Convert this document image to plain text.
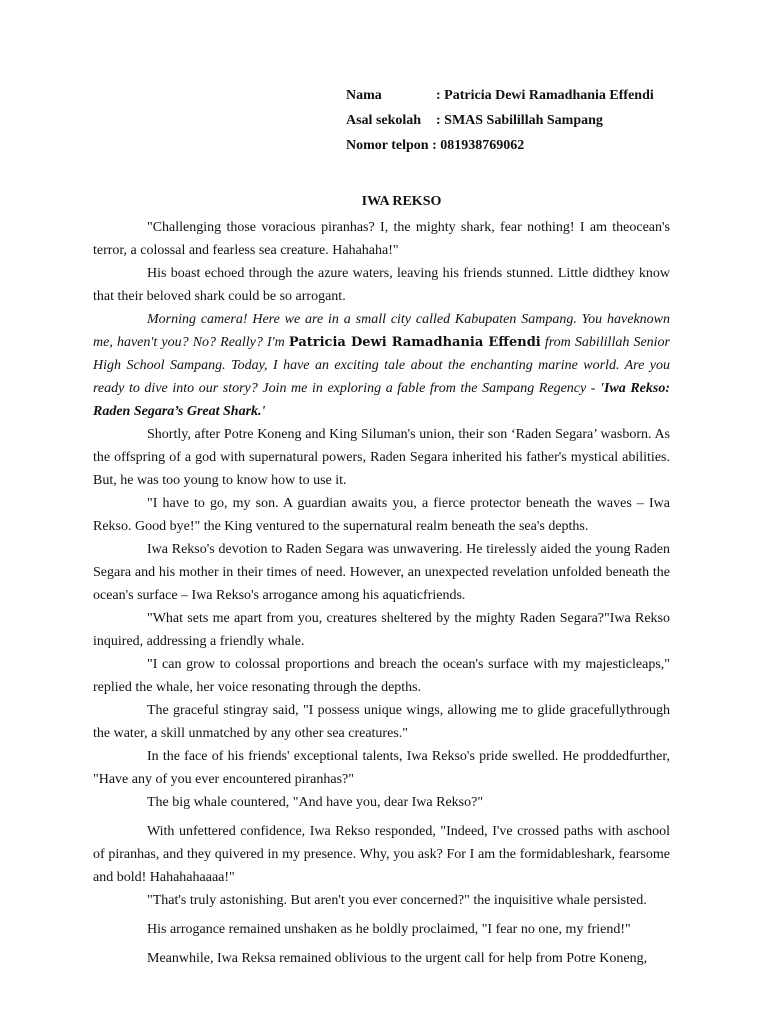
Nama	: Patricia Dewi Ramadhania Effendi
Asal sekolah : SMAS Sabilillah Sampang
Nomor telpon : 081938769062
IWA REKSO

"Challenging those voracious piranhas? I, the mighty shark, fear nothing! I am theocean's terror, a colossal and fearless sea creature. Hahahaha!"

His boast echoed through the azure waters, leaving his friends stunned. Little didthey know that their beloved shark could be so arrogant.

Morning camera! Here we are in a small city called Kabupaten Sampang. You haveknown me, haven't you? No? Really? I'm Patricia Dewi Ramadhania Effendi from Sabilillah Senior High School Sampang. Today, I have an exciting tale about the enchanting marine world. Are you ready to dive into our story? Join me in exploring a fable from the Sampang Regency - 'Iwa Rekso: Raden Segara’s Great Shark.'

Shortly, after Potre Koneng and King Siluman's union, their son ‘Raden Segara’ wasborn. As the offspring of a god with supernatural powers, Raden Segara inherited his father's mystical abilities. But, he was too young to know how to use it.

"I have to go, my son. A guardian awaits you, a fierce protector beneath the waves – Iwa Rekso. Good bye!" the King ventured to the supernatural realm beneath the sea's depths.

Iwa Rekso's devotion to Raden Segara was unwavering. He tirelessly aided the young Raden Segara and his mother in their times of need. However, an unexpected revelation unfolded beneath the ocean's surface – Iwa Rekso's arrogance among his aquaticfriends.

"What sets me apart from you, creatures sheltered by the mighty Raden Segara?"Iwa Rekso inquired, addressing a friendly whale.

"I can grow to colossal proportions and breach the ocean's surface with my majesticleaps," replied the whale, her voice resonating through the depths.

The graceful stingray said, "I possess unique wings, allowing me to glide gracefullythrough the water, a skill unmatched by any other sea creatures."

In the face of his friends' exceptional talents, Iwa Rekso's pride swelled. He proddedfurther, "Have any of you ever encountered piranhas?"

The big whale countered, "And have you, dear Iwa Rekso?"

With unfettered confidence, Iwa Rekso responded, "Indeed, I've crossed paths with aschool of piranhas, and they quivered in my presence. Why, you ask? For I am the formidableshark, fearsome and bold! Hahahahaaaa!"

"That's truly astonishing. But aren't you ever concerned?" the inquisitive whale persisted.

His arrogance remained unshaken as he boldly proclaimed, "I fear no one, my friend!"

Meanwhile, Iwa Reksa remained oblivious to the urgent call for help from Potre Koneng,
